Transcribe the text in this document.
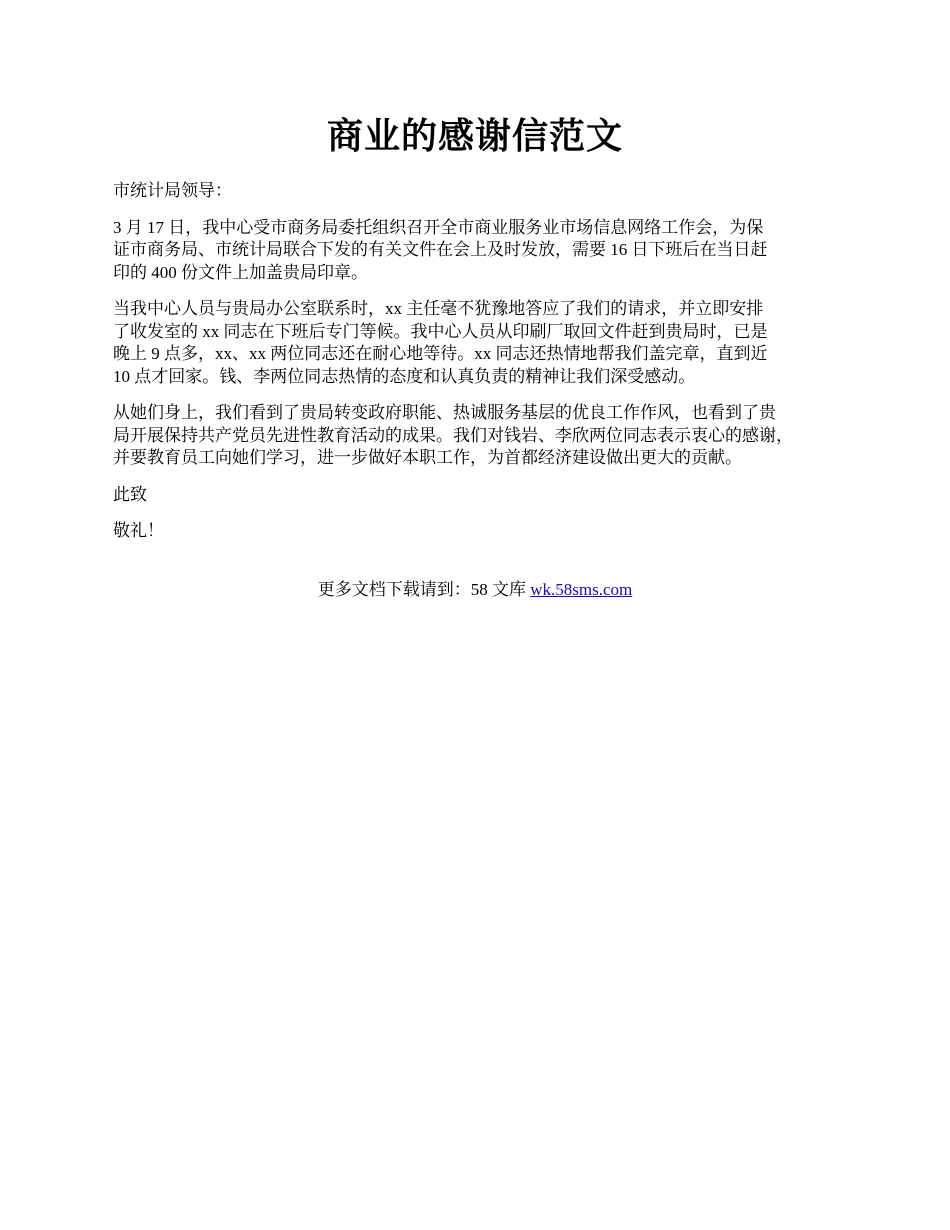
商业的感谢信范文

市统计局领导：

3 月 17 日，我中心受市商务局委托组织召开全市商业服务业市场信息网络工作会，为保
证市商务局、市统计局联合下发的有关文件在会上及时发放，需要 16 日下班后在当日赶
印的 400 份文件上加盖贵局印章。

当我中心人员与贵局办公室联系时，xx 主任毫不犹豫地答应了我们的请求，并立即安排
了收发室的 xx 同志在下班后专门等候。我中心人员从印刷厂取回文件赶到贵局时，已是
晚上 9 点多，xx、xx 两位同志还在耐心地等待。xx 同志还热情地帮我们盖完章，直到近
10 点才回家。钱、李两位同志热情的态度和认真负责的精神让我们深受感动。

从她们身上，我们看到了贵局转变政府职能、热诚服务基层的优良工作作风，也看到了贵
局开展保持共产党员先进性教育活动的成果。我们对钱岩、李欣两位同志表示衷心的感谢，
并要教育员工向她们学习，进一步做好本职工作，为首都经济建设做出更大的贡献。

此致

敬礼！

更多文档下载请到：58 文库 wk.58sms.com
